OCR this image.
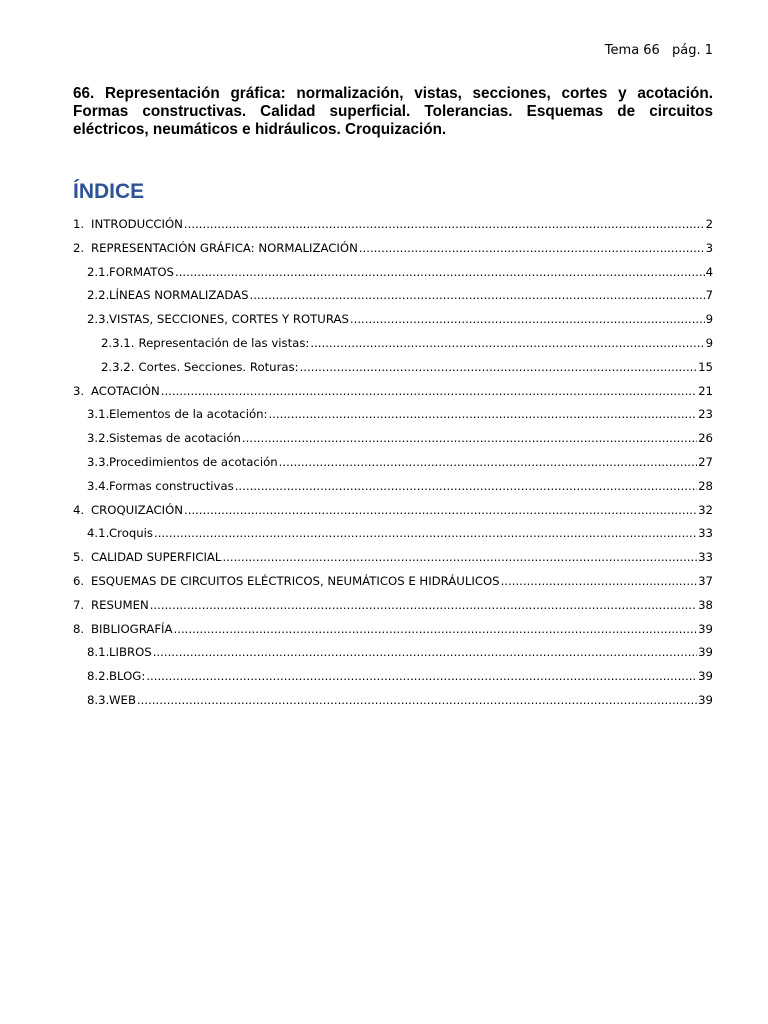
Tema 66 pág. 1
66. Representación gráfica: normalización, vistas, secciones, cortes y acotación. Formas constructivas. Calidad superficial. Tolerancias. Esquemas de circuitos eléctricos, neumáticos e hidráulicos. Croquización.
ÍNDICE
1. INTRODUCCIÓN .....	2
2. REPRESENTACIÓN GRÁFICA: NORMALIZACIÓN .....	3
2.1. FORMATOS .....	4
2.2. LÍNEAS NORMALIZADAS .....	7
2.3. VISTAS, SECCIONES, CORTES Y ROTURAS .....	9
2.3.1. Representación de las vistas: .....	9
2.3.2. Cortes. Secciones. Roturas: .....	15
3. ACOTACIÓN .....	21
3.1. Elementos de la acotación: .....	23
3.2. Sistemas de acotación .....	26
3.3. Procedimientos de acotación .....	27
3.4. Formas constructivas .....	28
4. CROQUIZACIÓN .....	32
4.1. Croquis .....	33
5. CALIDAD SUPERFICIAL .....	33
6. ESQUEMAS DE CIRCUITOS ELÉCTRICOS, NEUMÁTICOS E HIDRÁULICOS .....	37
7. RESUMEN .....	38
8. BIBLIOGRAFÍA .....	39
8.1. LIBROS .....	39
8.2. BLOG: .....	39
8.3. WEB .....	39
